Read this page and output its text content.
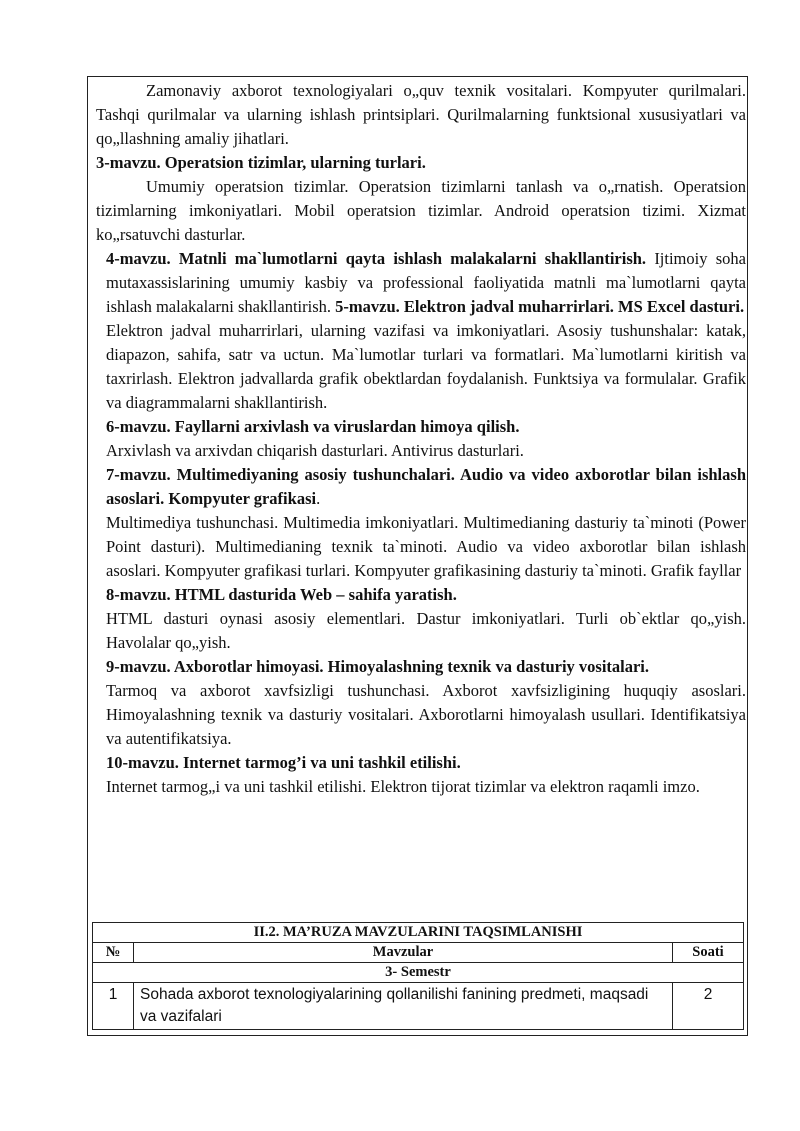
Zamonaviy axborot texnologiyalari o„quv texnik vositalari. Kompyuter qurilmalari. Tashqi qurilmalar va ularning ishlash printsiplari. Qurilmalarning funktsional xususiyatlari va qo„llashning amaliy jihatlari.

3-mavzu. Operatsion tizimlar, ularning turlari.

Umumiy operatsion tizimlar. Operatsion tizimlarni tanlash va o„rnatish. Operatsion tizimlarning imkoniyatlari. Mobil operatsion tizimlar. Android operatsion tizimi. Xizmat ko„rsatuvchi dasturlar.

4-mavzu. Matnli ma`lumotlarni qayta ishlash malakalarni shakllantirish. Ijtimoiy soha mutaxassislarining umumiy kasbiy va professional faoliyatida matnli ma`lumotlarni qayta ishlash malakalarni shakllantirish. 5-mavzu. Elektron jadval muharrirlari. MS Excel dasturi.

Elektron jadval muharrirlari, ularning vazifasi va imkoniyatlari. Asosiy tushunshalar: katak, diapazon, sahifa, satr va uctun. Ma`lumotlar turlari va formatlari. Ma`lumotlarni kiritish va taxrirlash. Elektron jadvallarda grafik obektlardan foydalanish. Funktsiya va formulalar. Grafik va diagrammalarni shakllantirish.

6-mavzu. Fayllarni arxivlash va viruslardan himoya qilish.

Arxivlash va arxivdan chiqarish dasturlari. Antivirus dasturlari.

7-mavzu. Multimediyaning asosiy tushunchalari. Audio va video axborotlar bilan ishlash asoslari. Kompyuter grafikasi.

Multimediya tushunchasi. Multimedia imkoniyatlari. Multimedianing dasturiy ta`minoti (Power Point dasturi). Multimedianing texnik ta`minoti. Audio va video axborotlar bilan ishlash asoslari. Kompyuter grafikasi turlari. Kompyuter grafikasining dasturiy ta`minoti. Grafik fayllar

8-mavzu. HTML dasturida Web – sahifa yaratish.

HTML dasturi oynasi asosiy elementlari. Dastur imkoniyatlari. Turli ob`ektlar qo„yish. Havolalar qo„yish.

9-mavzu. Axborotlar himoyasi. Himoyalashning texnik va dasturiy vositalari.

Tarmoq va axborot xavfsizligi tushunchasi. Axborot xavfsizligining huquqiy asoslari. Himoyalashning texnik va dasturiy vositalari. Axborotlarni himoyalash usullari. Identifikatsiya va autentifikatsiya.

10-mavzu. Internet tarmog’i va uni tashkil etilishi.

Internet tarmog„i va uni tashkil etilishi. Elektron tijorat tizimlar va elektron raqamli imzo.

II.2. MA’RUZA MAVZULARINI TAQSIMLANISHI		
№	Mavzular	Soati
3- Semestr		
1	Sohada axborot texnologiyalarining qollanilishi fanining predmeti, maqsadi va vazifalari	2
